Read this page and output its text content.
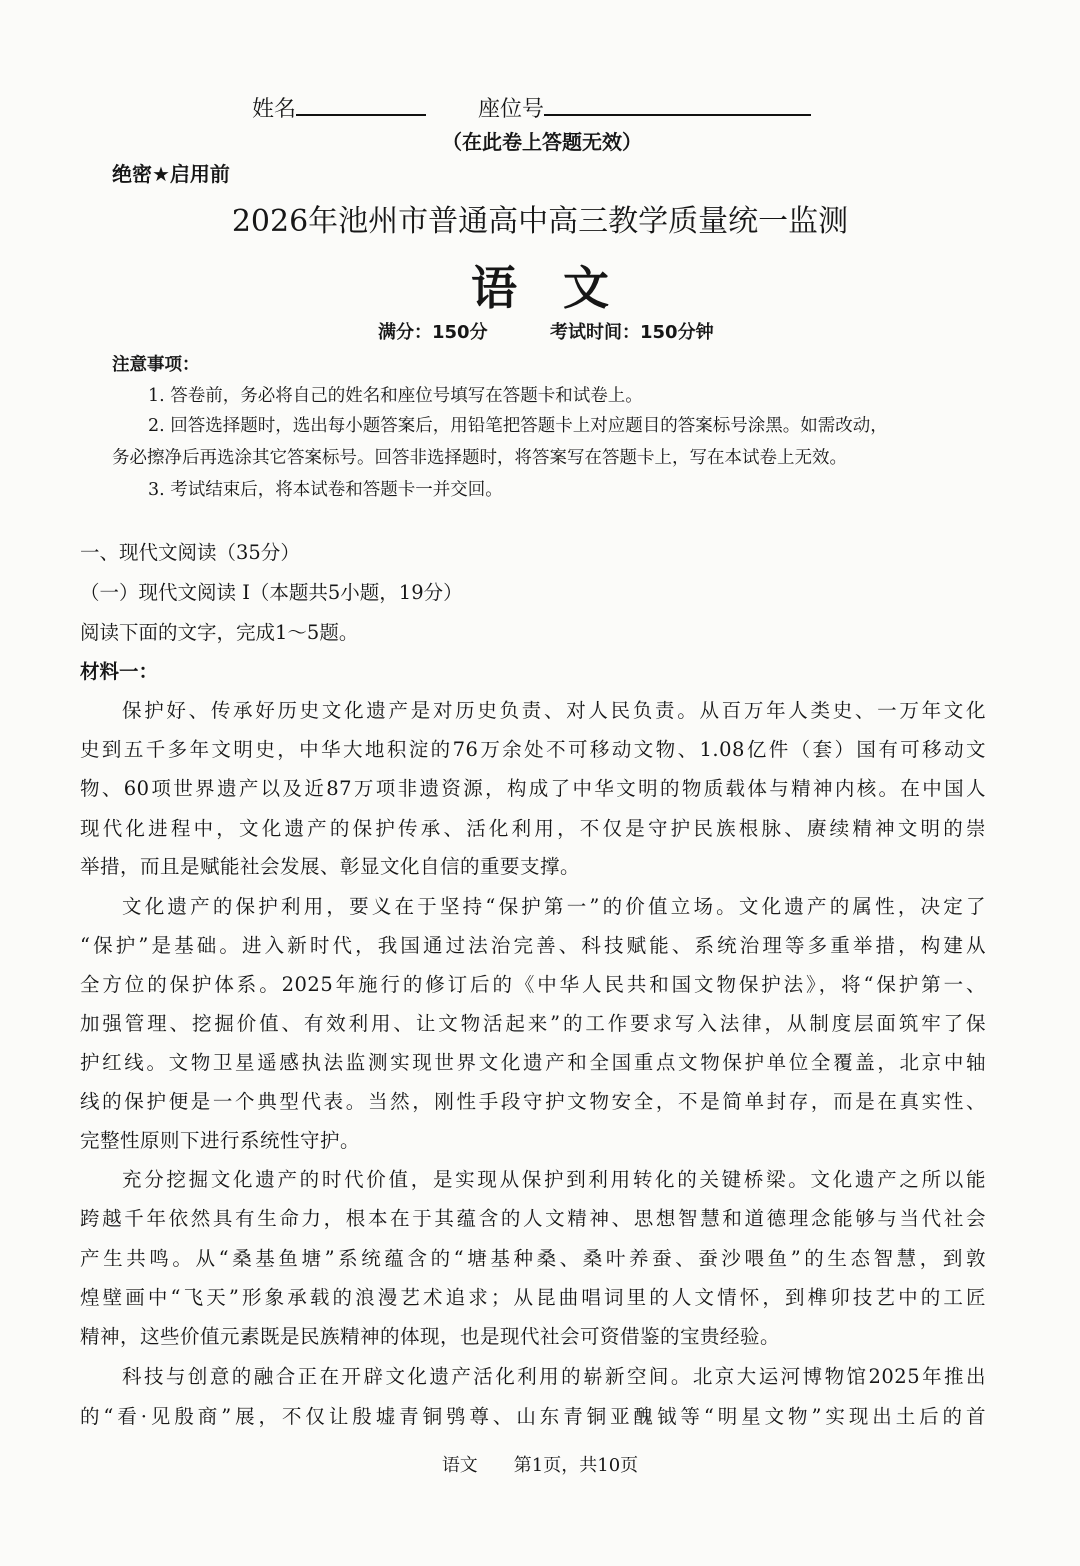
姓名	座位号
（在此卷上答题无效）
绝密★启用前
2026年池州市普通高中高三教学质量统一监测
语　文
满分：150分	考试时间：150分钟
注意事项：
1. 答卷前，务必将自己的姓名和座位号填写在答题卡和试卷上。
2. 回答选择题时，选出每小题答案后，用铅笔把答题卡上对应题目的答案标号涂黑。如需改动，
务必擦净后再选涂其它答案标号。回答非选择题时，将答案写在答题卡上，写在本试卷上无效。
3. 考试结束后，将本试卷和答题卡一并交回。
一、现代文阅读（35分）
（一）现代文阅读 I（本题共5小题，19分）
阅读下面的文字，完成1～5题。
材料一：
保护好、传承好历史文化遗产是对历史负责、对人民负责。从百万年人类史、一万年文化
史到五千多年文明史，中华大地积淀的76万余处不可移动文物、1.08亿件（套）国有可移动文
物、60项世界遗产以及近87万项非遗资源，构成了中华文明的物质载体与精神内核。在中国人
现代化进程中，文化遗产的保护传承、活化利用，不仅是守护民族根脉、赓续精神文明的崇
举措，而且是赋能社会发展、彰显文化自信的重要支撑。
文化遗产的保护利用，要义在于坚持“保护第一”的价值立场。文化遗产的属性，决定了
“保护”是基础。进入新时代，我国通过法治完善、科技赋能、系统治理等多重举措，构建从
全方位的保护体系。2025年施行的修订后的《中华人民共和国文物保护法》，将“保护第一、
加强管理、挖掘价值、有效利用、让文物活起来”的工作要求写入法律，从制度层面筑牢了保
护红线。文物卫星遥感执法监测实现世界文化遗产和全国重点文物保护单位全覆盖，北京中轴
线的保护便是一个典型代表。当然，刚性手段守护文物安全，不是简单封存，而是在真实性、
完整性原则下进行系统性守护。
充分挖掘文化遗产的时代价值，是实现从保护到利用转化的关键桥梁。文化遗产之所以能
跨越千年依然具有生命力，根本在于其蕴含的人文精神、思想智慧和道德理念能够与当代社会
产生共鸣。从“桑基鱼塘”系统蕴含的“塘基种桑、桑叶养蚕、蚕沙喂鱼”的生态智慧，到敦
煌壁画中“飞天”形象承载的浪漫艺术追求；从昆曲唱词里的人文情怀，到榫卯技艺中的工匠
精神，这些价值元素既是民族精神的体现，也是现代社会可资借鉴的宝贵经验。
科技与创意的融合正在开辟文化遗产活化利用的崭新空间。北京大运河博物馆2025年推出
的“看·见殷商”展，不仅让殷墟青铜鸮尊、山东青铜亚醜钺等“明星文物”实现出土后的首
语文　　第1页，共10页
